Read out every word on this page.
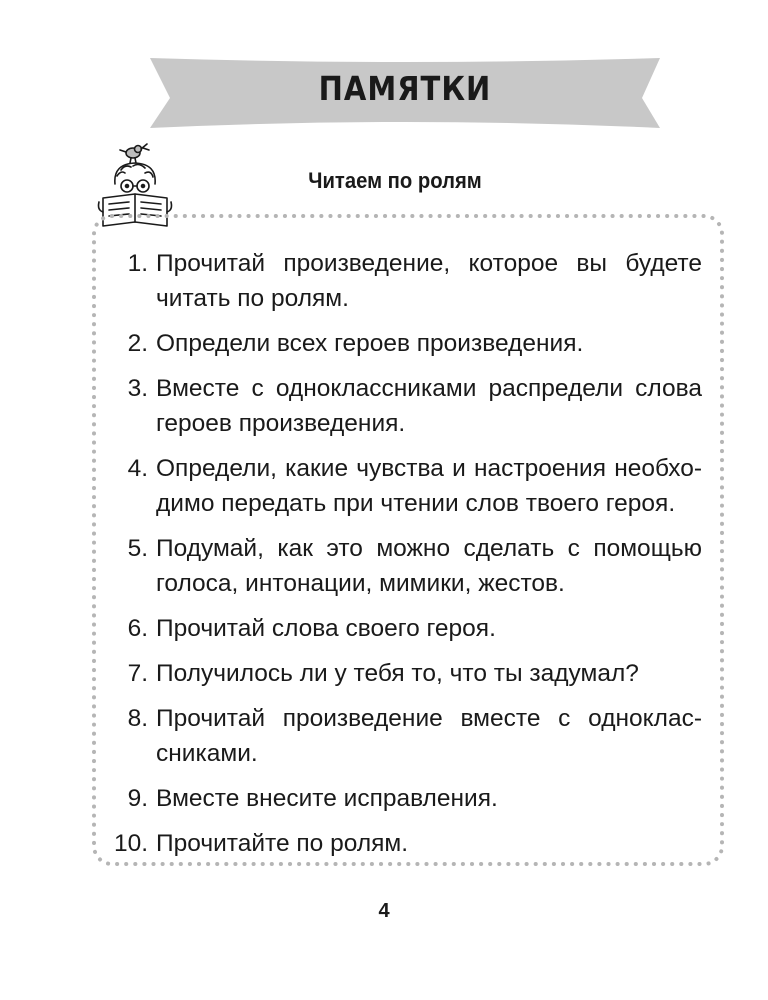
ПАМЯТКИ
Читаем по ролям
1. Прочитай произведение, которое вы будете читать по ролям.
2. Определи всех героев произведения.
3. Вместе с одноклассниками распредели слова героев произведения.
4. Определи, какие чувства и настроения необходимо передать при чтении слов твоего героя.
5. Подумай, как это можно сделать с помощью голоса, интонации, мимики, жестов.
6. Прочитай слова своего героя.
7. Получилось ли у тебя то, что ты задумал?
8. Прочитай произведение вместе с одноклассниками.
9. Вместе внесите исправления.
10. Прочитайте по ролям.
4
